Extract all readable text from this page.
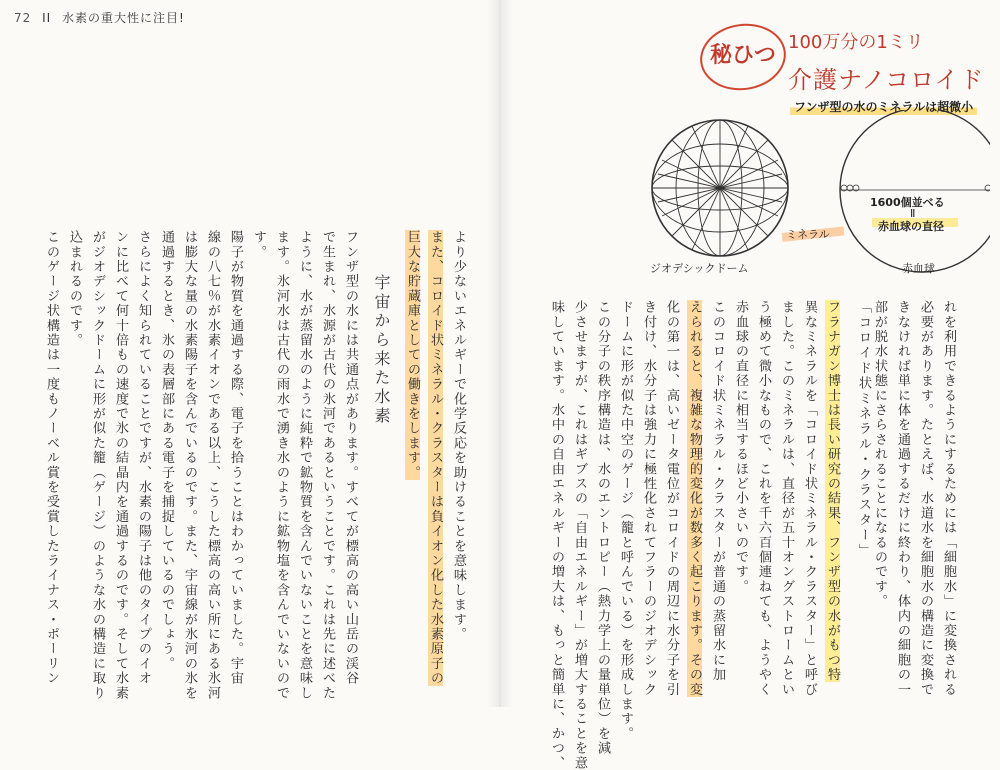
72 II 水素の重大性に注目!
秘ひつ
100万分の1ミリ
介護ナノコロイド
フンザ型の水のミネラルは超微小
ジオデシックドーム	赤血球
ミネラル
1600個並べる
Ⅱ
赤血球の直径

れを利用できるようにするためには「細胞水」に変換される

必要があります。たとえば、水道水を細胞水の構造に変換で

きなければ単に体を通過するだけに終わり、体内の細胞の一

部が脱水状態にさらされることになるのです。

「コロイド状ミネラル・クラスター」

フラナガン博士は長い研究の結果、フンザ型の水がもつ特

異なミネラルを「コロイド状ミネラル・クラスター」と呼び

ました。このミネラルは、直径が五十オングストロームとい

う極めて微小なもので、これを千六百個連ねても、ようやく

赤血球の直径に相当するほど小さいのです。

このコロイド状ミネラル・クラスターが普通の蒸留水に加

えられると、複雑な物理的変化が数多く起こります。その変

化の第一は、高いゼータ電位がコロイドの周辺に水分子を引

き付け、水分子は強力に極性化されてフラーのジオデシック

ドームに形が似た中空のゲージ（籠と呼んでいる）を形成します。

この分子の秩序構造は、水のエントロピー（熱力学上の量単位）を減

少させますが、これはギブスの「自由エネルギー」が増大することを意

味しています。水中の自由エネルギーの増大は、もっと簡単に、かつ、

より少ないエネルギーで化学反応を助けることを意味します。

また、コロイド状ミネラル・クラスターは負イオン化した水素原子の

巨大な貯蔵庫としての働きをします。

宇宙から来た水素

フンザ型の水には共通点があります。すべてが標高の高い山岳の渓谷

で生まれ、水源が古代の氷河であるということです。これは先に述べた

ように、水が蒸留水のように純粋で鉱物質を含んでいないことを意味し

ます。氷河水は古代の雨水で湧き水のように鉱物塩を含んでいないので

す。

陽子が物質を通過する際、電子を拾うことはわかっていました。宇宙

線の八七％が水素イオンである以上、こうした標高の高い所にある氷河

は膨大な量の水素陽子を含んでいるのです。また、宇宙線が氷河の氷を

通過するとき、氷の表層部にある電子を捕捉しているのでしょう。

さらによく知られていることですが、水素の陽子は他のタイプのイオ

ンに比べて何十倍もの速度で氷の結晶内を通過するのです。そして水素

がジオデシックドームに形が似た籠（ゲージ）のような水の構造に取り

込まれるのです。

このゲージ状構造は一度もノーベル賞を受賞したライナス・ポーリン
